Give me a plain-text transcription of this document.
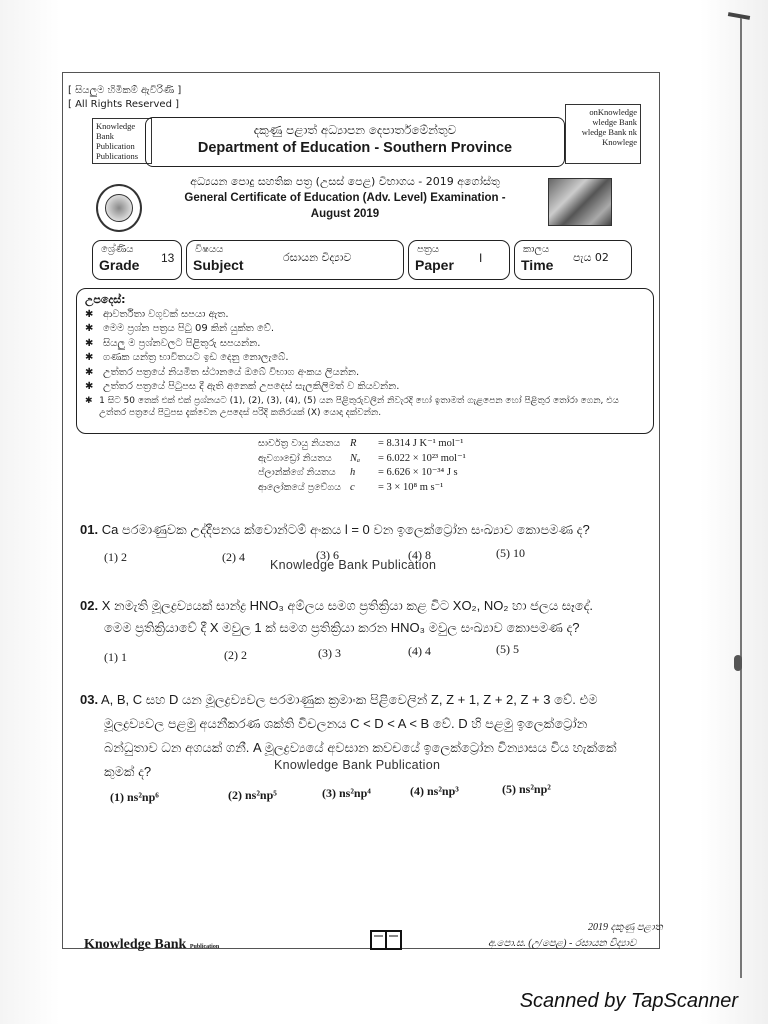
[ සියලුම හිමිකම් ඇවිරිණි ]
[ All Rights Reserved ]
Knowledge Bank Publication Publications
onKnowledge wledge Bank wledge Bank nk Knowlege
දකුණු පළාත් අධ්‍යාපන දෙපාර්තමේන්තුව
Department of Education - Southern Province
අධ්‍යයන පොදු සහතික පත්‍ර (උසස් පෙළ) විභාගය - 2019 අගෝස්තු
General Certificate of Education (Adv. Level) Examination -
August 2019
ශ්‍රේණිය
Grade 13
විෂයය
Subject	රසායන විද්‍යාව
පත්‍රය
Paper I
කාලය
Time පැය 02
උපදෙස්:
✱ ආවර්තිතා වගුවක් සපයා ඇත.
✱ මෙම ප්‍රශ්න පත්‍රය පිටු 09 කින් යුක්ත වේ.
✱ සියලු ම ප්‍රශ්නවලට පිළිතුරු සපයන්න.
✱ ගණක යන්ත්‍ර භාවිතයට ඉඩ දෙනු නොලැබේ.
✱ උත්තර පත්‍රයේ නියමිත ස්ථානයේ ඔබේ විභාග අංකය ලියන්න.
✱ උත්තර පත්‍රයේ පිටුපස දී ඇති අනෙක් උපදෙස් සැලකිලිමත් ව කියවන්න.
✱ 1 සිට 50 තෙක් එක් එක් ප්‍රශ්නයට (1), (2), (3), (4), (5) යන පිළිතුරුවලින් නිවැරදි හෝ ඉතාමත් ගැළපෙන හෝ පිළිතුර තෝරා ගෙන, එය උත්තර පත්‍රයේ පිටුපස දැක්වෙන උපදෙස් පරිදි කතිරයක් (X) යොදා දක්වන්න.
සාර්වත්‍ර වායු නියතය R	= 8.314 J K⁻¹ mol⁻¹
ඇවගාඩ්‍රෝ නියතය	Nₐ	= 6.022 × 10²³ mol⁻¹
ප්ලාන්ක්ගේ නියතය	h	= 6.626 × 10⁻³⁴ J s
ආලෝකයේ ප්‍රවේගය c	= 3 × 10⁸ m s⁻¹
01. Ca පරමාණුවක උද්දීපනය ක්වොන්ටම් අංකය l = 0 වන ඉලෙක්ට්‍රෝන සංඛ්‍යාව කොපමණ ද?
(1) 2	(2) 4	(3) 6	(4) 8	(5) 10
Knowledge Bank Publication
02. X නමැති මූලද්‍රව්‍යයක් සාන්ද්‍ර HNO₃ අම්ලය සමග ප්‍රතික්‍රියා කළ විට XO₂, NO₂ හා ජලය සෑදේ.
මෙම ප්‍රතික්‍රියාවේ දී X මවුල 1 ක් සමග ප්‍රතික්‍රියා කරන HNO₃ මවුල සංඛ්‍යාව කොපමණ ද?
(1) 1	(2) 2	(3) 3	(4) 4	(5) 5
03. A, B, C සහ D යන මූලද්‍රව්‍යවල පරමාණුක ක්‍රමාංක පිළිවෙලින් Z, Z + 1, Z + 2, Z + 3 වේ. එම
මූලද්‍රව්‍යවල පළමු අයනීකරණ ශක්ති විචලනය C < D < A < B වේ. D හි පළමු ඉලෙක්ට්‍රෝන
බන්ධුතාව ධන අගයක් ගනී. A මූලද්‍රව්‍යයේ අවසාන කවචයේ ඉලෙක්ට්‍රෝන වින්‍යාසය විය හැක්කේ
කුමක් ද?	Knowledge Bank Publication
(1) ns²np⁶	(2) ns²np⁵	(3) ns²np⁴	(4) ns²np³	(5) ns²np²
Knowledge Bank Publication
2019 දකුණු පළාත
අ.පො.ස. (උ/පෙළ) - රසායන විද්‍යාව
Scanned by TapScanner
